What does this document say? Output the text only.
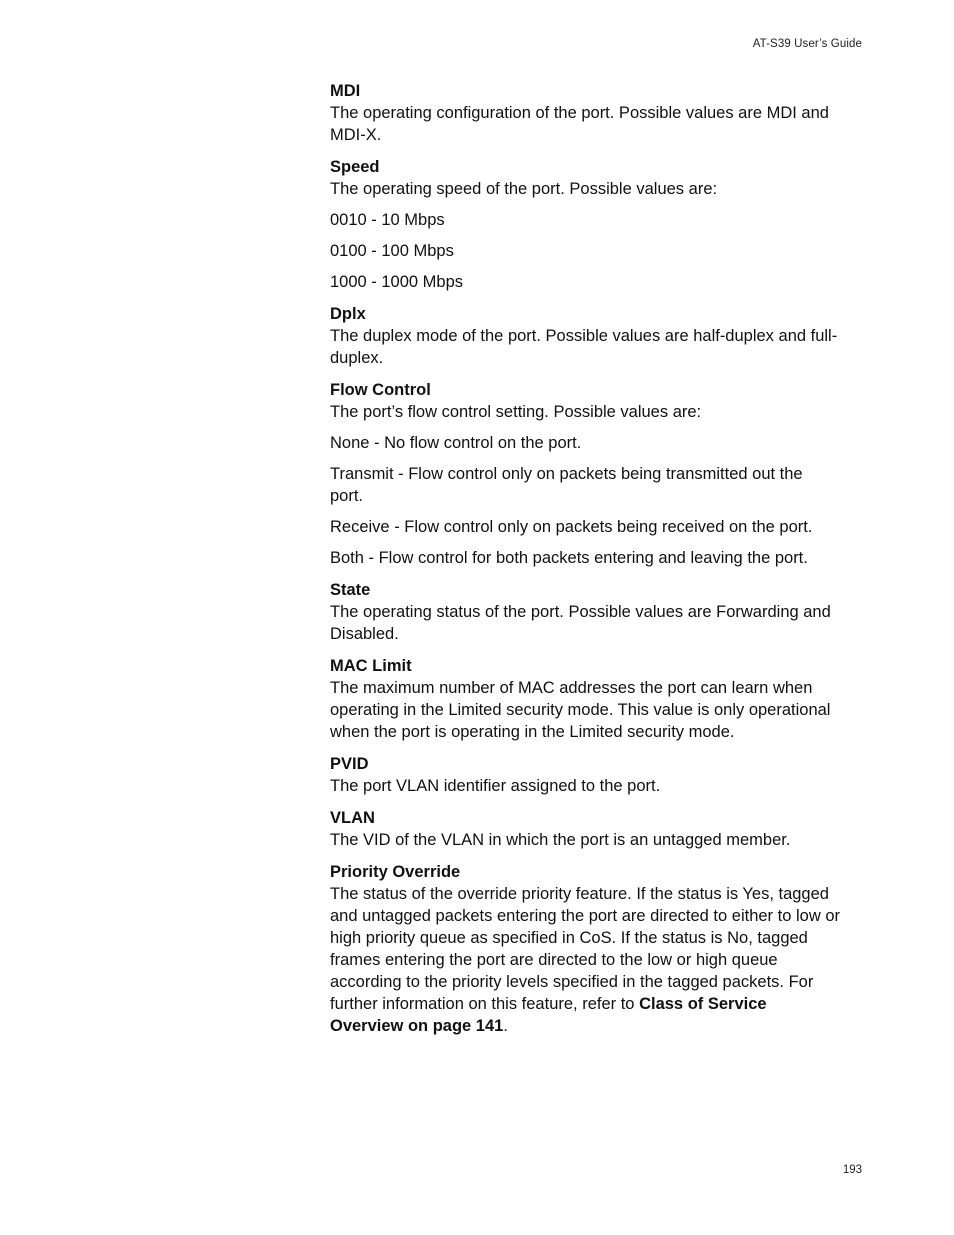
AT-S39 User’s Guide
MDI

The operating configuration of the port. Possible values are MDI and MDI-X.

Speed

The operating speed of the port. Possible values are:

0010 - 10 Mbps

0100 - 100 Mbps

1000 - 1000 Mbps

Dplx

The duplex mode of the port. Possible values are half-duplex and full-duplex.

Flow Control

The port’s flow control setting. Possible values are:

None - No flow control on the port.

Transmit - Flow control only on packets being transmitted out the port.

Receive - Flow control only on packets being received on the port.

Both - Flow control for both packets entering and leaving the port.

State

The operating status of the port. Possible values are Forwarding and Disabled.

MAC Limit

The maximum number of MAC addresses the port can learn when operating in the Limited security mode. This value is only operational when the port is operating in the Limited security mode.

PVID

The port VLAN identifier assigned to the port.

VLAN

The VID of the VLAN in which the port is an untagged member.

Priority Override

The status of the override priority feature. If the status is Yes, tagged and untagged packets entering the port are directed to either to low or high priority queue as specified in CoS. If the status is No, tagged frames entering the port are directed to the low or high queue according to the priority levels specified in the tagged packets. For further information on this feature, refer to Class of Service Overview on page 141.

193
